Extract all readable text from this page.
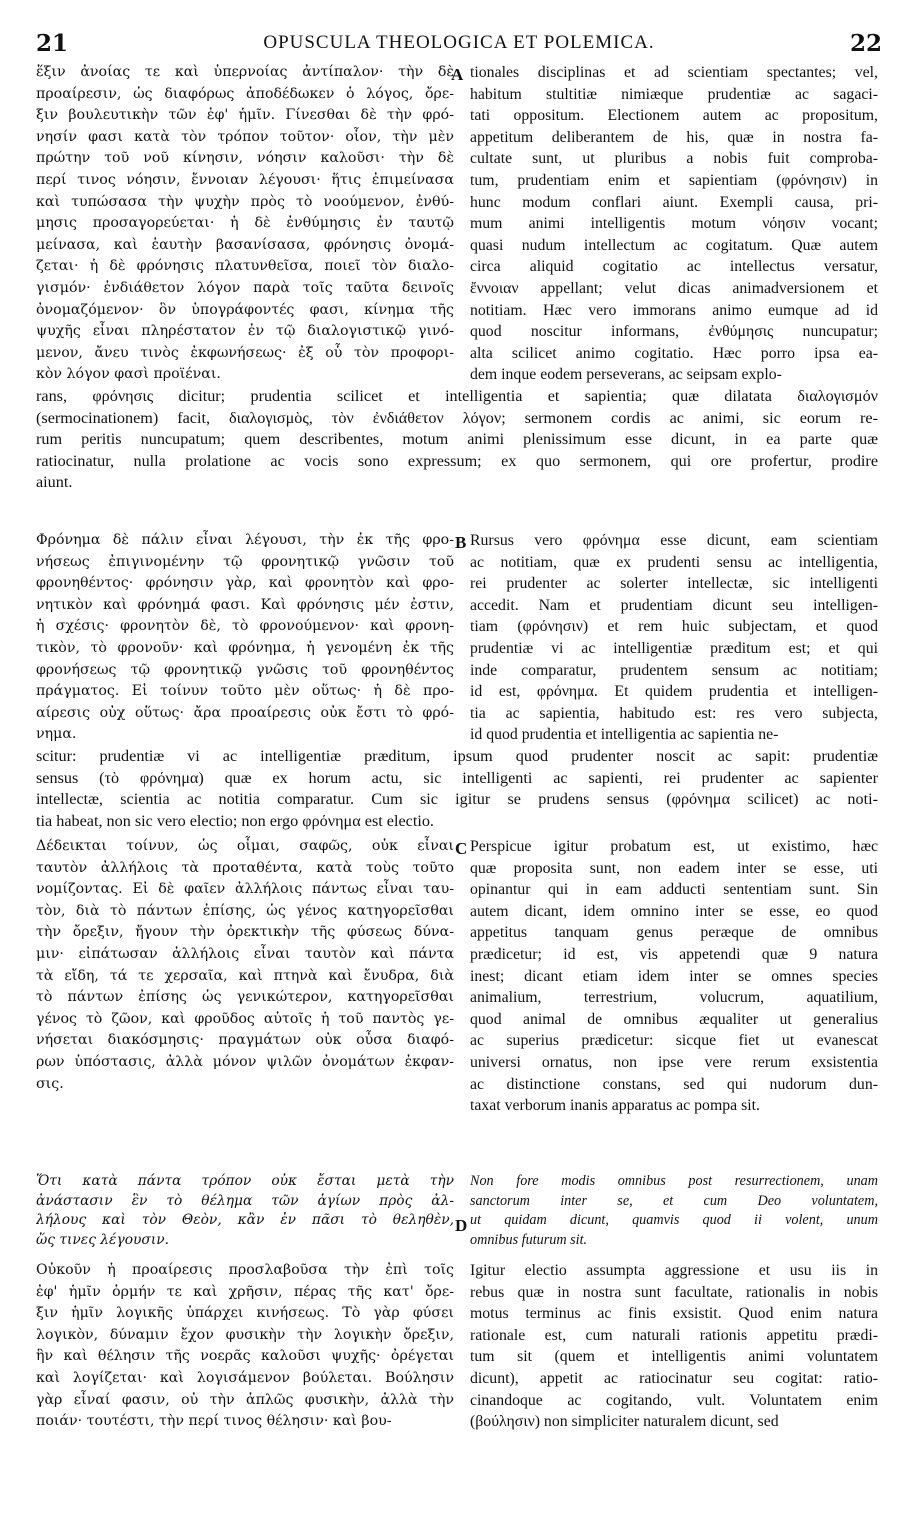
21	OPUSCULA THEOLOGICA ET POLEMICA.	22
ἕξιν ἀνοίας τε καὶ ὑπερνοίας ἀντίπαλον· τὴν δὲ
προαίρεσιν, ὡς διαφόρως ἀποδέδωκεν ὁ λόγος, ὄρε-
ξιν βουλευτικὴν τῶν ἐφ' ἡμῖν. Γίνεσθαι δὲ τὴν φρό-
νησίν φασι κατὰ τὸν τρόπον τοῦτον· οἷον, τὴν μὲν
πρώτην τοῦ νοῦ κίνησιν, νόησιν καλοῦσι· τὴν δὲ
περί τινος νόησιν, ἔννοιαν λέγουσι· ἥτις ἐπιμείνασα
καὶ τυπώσασα τὴν ψυχὴν πρὸς τὸ νοούμενον, ἐνθύ-
μησις προσαγορεύεται· ἡ δὲ ἐνθύμησις ἐν ταυτῷ
μείνασα, καὶ ἑαυτὴν βασανίσασα, φρόνησις ὀνομά-
ζεται· ἡ δὲ φρόνησις πλατυνθεῖσα, ποιεῖ τὸν διαλο-
γισμόν· ἐνδιάθετον λόγον παρὰ τοῖς ταῦτα δεινοῖς
ὀνομαζόμενον· ὃν ὑπογράφοντές φασι, κίνημα τῆς
ψυχῆς εἶναι πληρέστατον ἐν τῷ διαλογιστικῷ γινό-
μενον, ἄνευ τινὸς ἐκφωνήσεως· ἐξ οὗ τὸν προφορι-
κὸν λόγον φασὶ προϊέναι.
A tionales disciplinas et ad scientiam spectantes; vel,
habitum stultitiæ nimiæque prudentiæ ac sagaci-
tati oppositum. Electionem autem ac propositum,
appetitum deliberantem de his, quæ in nostra fa-
cultate sunt, ut pluribus a nobis fuit comproba-
tum, prudentiam enim et sapientiam (φρόνησιν) in
hunc modum conflari aiunt. Exempli causa, pri-
mum animi intelligentis motum νόησιν vocant;
quasi nudum intellectum ac cogitatum. Quæ autem
circa aliquid cogitatio ac intellectus versatur,
ἔννοιαν appellant; velut dicas animadversionem et
notitiam. Hæc vero immorans animo eumque ad id
quod noscitur informans, ἐνθύμησις nuncupatur;
alta scilicet animo cogitatio. Hæc porro ipsa ea-
dem inque eodem perseverans, ac seipsam explo-
rans, φρόνησις dicitur; prudentia scilicet et intelligentia et sapientia; quæ dilatata διαλογισμόν
(sermocinationem) facit, διαλογισμὸς, τὸν ἐνδιάθετον λόγον; sermonem cordis ac animi, sic eorum re-
rum peritis nuncupatum; quem describentes, motum animi plenissimum esse dicunt, in ea parte quæ
ratiocinatur, nulla prolatione ac vocis sono expressum; ex quo sermonem, qui ore profertur, prodire
aiunt.
Φρόνημα δὲ πάλιν εἶναι λέγουσι, τὴν ἐκ τῆς φρο-
νήσεως ἐπιγινομένην τῷ φρονητικῷ γνῶσιν τοῦ
φρονηθέντος· φρόνησιν γὰρ, καὶ φρονητὸν καὶ φρο-
νητικὸν καὶ φρόνημά φασι. Καὶ φρόνησις μέν ἐστιν,
ἡ σχέσις· φρονητὸν δὲ, τὸ φρονούμενον· καὶ φρονη-
τικὸν, τὸ φρονοῦν· καὶ φρόνημα, ἡ γενομένη ἐκ τῆς
φρονήσεως τῷ φρονητικῷ γνῶσις τοῦ φρονηθέντος
πράγματος. Εἰ τοίνυν τοῦτο μὲν οὕτως· ἡ δὲ προ-
αίρεσις οὐχ οὕτως· ἄρα προαίρεσις οὐκ ἔστι τὸ φρό-
νημα.
B Rursus vero φρόνημα esse dicunt, eam scientiam
ac notitiam, quæ ex prudenti sensu ac intelligentia,
rei prudenter ac solerter intellectæ, sic intelligenti
accedit. Nam et prudentiam dicunt seu intelligen-
tiam (φρόνησιν) et rem huic subjectam, et quod
prudentiæ vi ac intelligentiæ præditum est; et qui
inde comparatur, prudentem sensum ac notitiam;
id est, φρόνημα. Et quidem prudentia et intelligen-
tia ac sapientia, habitudo est: res vero subjecta,
id quod prudentia et intelligentia ac sapientia ne-
scitur: prudentiæ vi ac intelligentiæ præditum, ipsum quod prudenter noscit ac sapit: prudentiæ
sensus (τὸ φρόνημα) quæ ex horum actu, sic intelligenti ac sapienti, rei prudenter ac sapienter
intellectæ, scientia ac notitia comparatur. Cum sic igitur se prudens sensus (φρόνημα scilicet) ac noti-
tia habeat, non sic vero electio; non ergo φρόνημα est electio.
Δέδεικται τοίνυν, ὡς οἶμαι, σαφῶς, οὐκ εἶναι
ταυτὸν ἀλλήλοις τὰ προταθέντα, κατὰ τοὺς τοῦτο
νομίζοντας. Εἰ δὲ φαῖεν ἀλλήλοις πάντως εἶναι ταυ-
τὸν, διὰ τὸ πάντων ἐπίσης, ὡς γένος κατηγορεῖσθαι
τὴν ὄρεξιν, ἤγουν τὴν ὀρεκτικὴν τῆς φύσεως δύνα-
μιν· εἰπάτωσαν ἀλλήλοις εἶναι ταυτὸν καὶ πάντα
τὰ εἴδη, τά τε χερσαῖα, καὶ πτηνὰ καὶ ἔνυδρα, διὰ
τὸ πάντων ἐπίσης ὡς γενικώτερον, κατηγορεῖσθαι
γένος τὸ ζῶον, καὶ φροῦδος αὐτοῖς ἡ τοῦ παντὸς γε-
νήσεται διακόσμησις· πραγμάτων οὐκ οὖσα διαφό-
ρων ὑπόστασις, ἀλλὰ μόνον ψιλῶν ὀνομάτων ἐκφαν-
σις.
C Perspicue igitur probatum est, ut existimo, hæc
quæ proposita sunt, non eadem inter se esse, uti
opinantur qui in eam adducti sententiam sunt. Sin
autem dicant, idem omnino inter se esse, eo quod
appetitus tanquam genus peræque de omnibus
prædicetur; id est, vis appetendi quæ 9 natura
inest; dicant etiam idem inter se omnes species
animalium, terrestrium, volucrum, aquatilium,
quod animal de omnibus æqualiter ut generalius
ac superius prædicetur: sicque fiet ut evanescat
universi ornatus, non ipse vere rerum exsistentia
ac distinctione constans, sed qui nudorum dun-
taxat verborum inanis apparatus ac pompa sit.
Ὅτι κατὰ πάντα τρόπον οὐκ ἔσται μετὰ τὴν
ἀνάστασιν ἓν τὸ θέλημα τῶν ἁγίων πρὸς ἀλ-
λήλους καὶ τὸν Θεὸν, κἂν ἐν πᾶσι τὸ θεληθὲν,
ὥς τινες λέγουσιν.
D
Non fore modis omnibus post resurrectionem, unam
sanctorum inter se, et cum Deo voluntatem,
ut quidam dicunt, quamvis quod ii volent, unum
omnibus futurum sit.
Οὐκοῦν ἡ προαίρεσις προσλαβοῦσα τὴν ἐπὶ τοῖς
ἐφ' ἡμῖν ὁρμήν τε καὶ χρῆσιν, πέρας τῆς κατ' ὄρε-
ξιν ἡμῖν λογικῆς ὑπάρχει κινήσεως. Τὸ γὰρ φύσει
λογικὸν, δύναμιν ἔχον φυσικὴν τὴν λογικὴν ὄρεξιν,
ἣν καὶ θέλησιν τῆς νοερᾶς καλοῦσι ψυχῆς· ὀρέγεται
καὶ λογίζεται· καὶ λογισάμενον βούλεται. Βούλησιν
γὰρ εἶναί φασιν, οὐ τὴν ἁπλῶς φυσικὴν, ἀλλὰ τὴν
ποιάν· τουτέστι, τὴν περί τινος θέλησιν· καὶ βου-
Igitur electio assumpta aggressione et usu iis in
rebus quæ in nostra sunt facultate, rationalis in nobis
motus terminus ac finis exsistit. Quod enim natura
rationale est, cum naturali rationis appetitu prædi-
tum sit (quem et intelligentis animi voluntatem
dicunt), appetit ac ratiocinatur seu cogitat: ratio-
cinandoque ac cogitando, vult. Voluntatem enim
(βούλησιν) non simpliciter naturalem dicunt, sed
